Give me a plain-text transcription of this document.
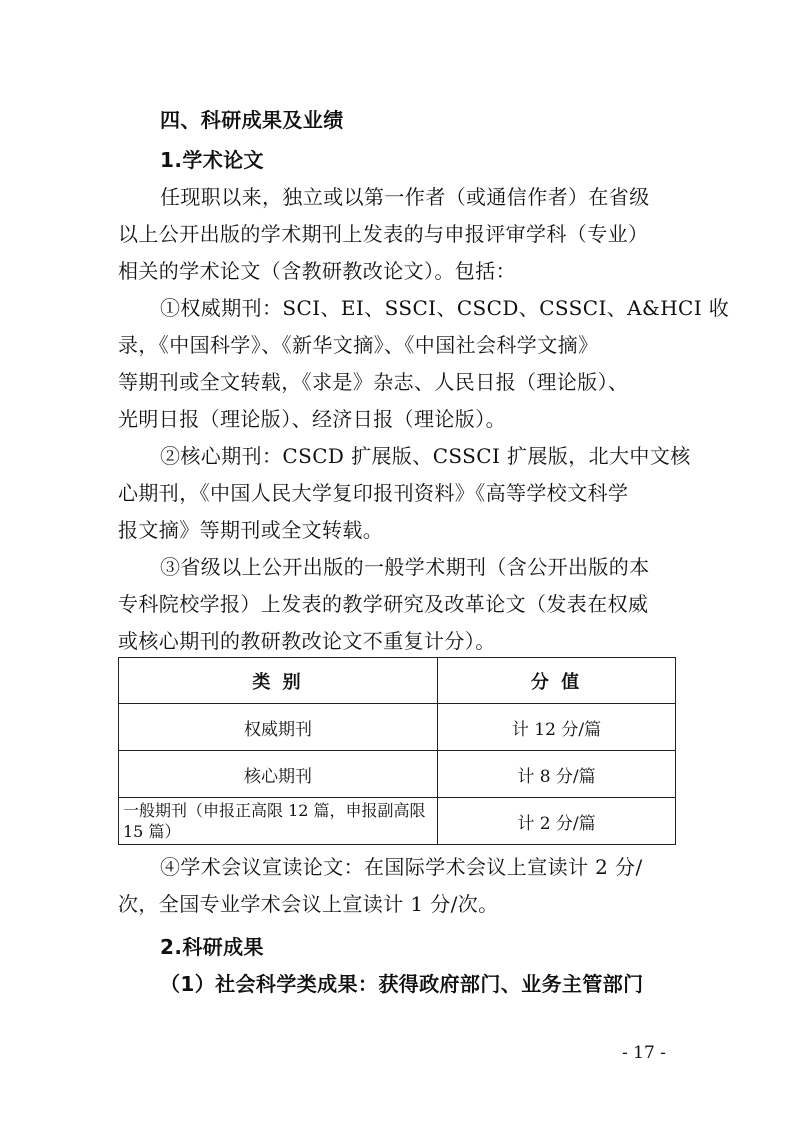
四、科研成果及业绩
1.学术论文
任现职以来，独立或以第一作者（或通信作者）在省级
以上公开出版的学术期刊上发表的与申报评审学科（专业）
相关的学术论文（含教研教改论文）。包括：
①权威期刊：SCI、EI、SSCI、CSCD、CSSCI、A&HCI 收
录，《中国科学》、《新华文摘》、《中国社会科学文摘》
等期刊或全文转载，《求是》杂志、人民日报（理论版）、
光明日报（理论版）、经济日报（理论版）。
②核心期刊：CSCD 扩展版、CSSCI 扩展版，北大中文核
心期刊，《中国人民大学复印报刊资料》《高等学校文科学
报文摘》等期刊或全文转载。
③省级以上公开出版的一般学术期刊（含公开出版的本
专科院校学报）上发表的教学研究及改革论文（发表在权威
或核心期刊的教研教改论文不重复计分）。
类 别	分 值
权威期刊	计 12 分/篇
核心期刊	计 8 分/篇
一般期刊（申报正高限 12 篇，申报副高限 15 篇）	计 2 分/篇
④学术会议宣读论文：在国际学术会议上宣读计 2 分/
次，全国专业学术会议上宣读计 1 分/次。
2.科研成果
（1）社会科学类成果：获得政府部门、业务主管部门
- 17 -
